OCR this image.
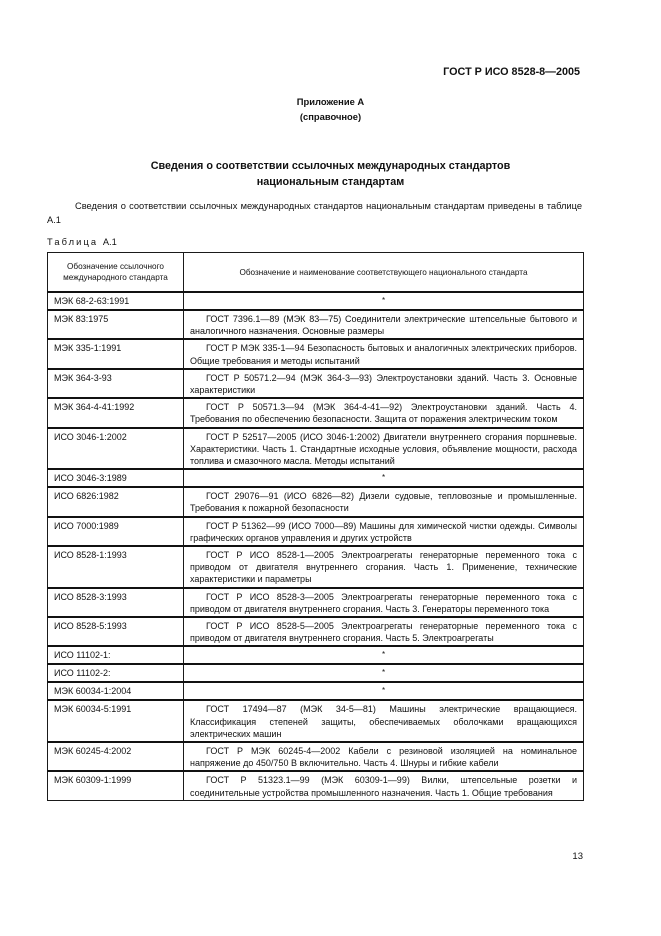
ГОСТ Р ИСО 8528-8—2005
Приложение А
(справочное)
Сведения о соответствии ссылочных международных стандартов
национальным стандартам
Сведения о соответствии ссылочных международных стандартов национальным стандартам приведены в таблице А.1
Таблица А.1
Обозначение ссылочного международного стандарта	Обозначение и наименование соответствующего национального стандарта
МЭК 68-2-63:1991	*
МЭК 83:1975	ГОСТ 7396.1—89 (МЭК 83—75) Соединители электрические штепсельные бытового и аналогичного назначения. Основные размеры
МЭК 335-1:1991	ГОСТ Р МЭК 335-1—94 Безопасность бытовых и аналогичных электрических приборов. Общие требования и методы испытаний
МЭК 364-3-93	ГОСТ Р 50571.2—94 (МЭК 364-3—93) Электроустановки зданий. Часть 3. Основные характеристики
МЭК 364-4-41:1992	ГОСТ Р 50571.3—94 (МЭК 364-4-41—92) Электроустановки зданий. Часть 4. Требования по обеспечению безопасности. Защита от поражения электрическим током
ИСО 3046-1:2002	ГОСТ Р 52517—2005 (ИСО 3046-1:2002) Двигатели внутреннего сгорания поршневые. Характеристики. Часть 1. Стандартные исходные условия, объявление мощности, расхода топлива и смазочного масла. Методы испытаний
ИСО 3046-3:1989	*
ИСО 6826:1982	ГОСТ 29076—91 (ИСО 6826—82) Дизели судовые, тепловозные и промышленные. Требования к пожарной безопасности
ИСО 7000:1989	ГОСТ Р 51362—99 (ИСО 7000—89) Машины для химической чистки одежды. Символы графических органов управления и других устройств
ИСО 8528-1:1993	ГОСТ Р ИСО 8528-1—2005 Электроагрегаты генераторные переменного тока с приводом от двигателя внутреннего сгорания. Часть 1. Применение, технические характеристики и параметры
ИСО 8528-3:1993	ГОСТ Р ИСО 8528-3—2005 Электроагрегаты генераторные переменного тока с приводом от двигателя внутреннего сгорания. Часть 3. Генераторы переменного тока
ИСО 8528-5:1993	ГОСТ Р ИСО 8528-5—2005 Электроагрегаты генераторные переменного тока с приводом от двигателя внутреннего сгорания. Часть 5. Электроагрегаты
ИСО 11102-1:	*
ИСО 11102-2:	*
МЭК 60034-1:2004	*
МЭК 60034-5:1991	ГОСТ 17494—87 (МЭК 34-5—81) Машины электрические вращающиеся. Классификация степеней защиты, обеспечиваемых оболочками вращающихся электрических машин
МЭК 60245-4:2002	ГОСТ Р МЭК 60245-4—2002 Кабели с резиновой изоляцией на номинальное напряжение до 450/750 В включительно. Часть 4. Шнуры и гибкие кабели
МЭК 60309-1:1999	ГОСТ Р 51323.1—99 (МЭК 60309-1—99) Вилки, штепсельные розетки и соединительные устройства промышленного назначения. Часть 1. Общие требования
13
